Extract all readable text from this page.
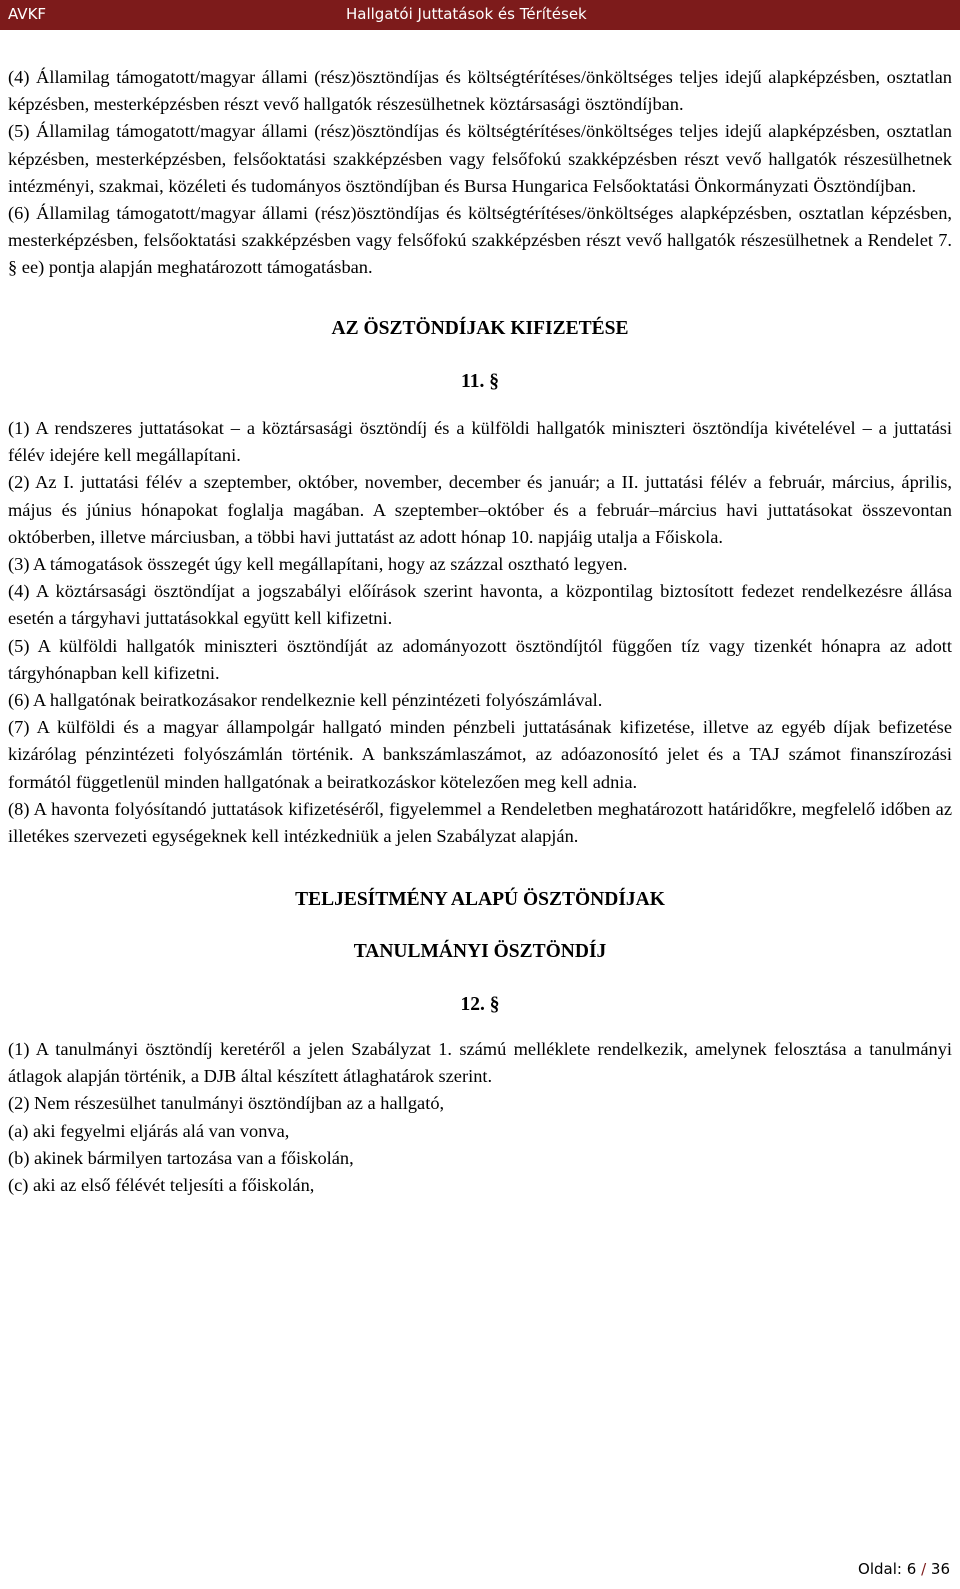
AVKF	Hallgatói Juttatások és Térítések

(4) Államilag támogatott/magyar állami (rész)ösztöndíjas és költségtérítéses/önköltséges teljes idejű alapképzésben, osztatlan képzésben, mesterképzésben részt vevő hallgatók részesülhetnek köztársasági ösztöndíjban.

(5) Államilag támogatott/magyar állami (rész)ösztöndíjas és költségtérítéses/önköltséges teljes idejű alapképzésben, osztatlan képzésben, mesterképzésben, felsőoktatási szakképzésben vagy felsőfokú szakképzésben részt vevő hallgatók részesülhetnek intézményi, szakmai, közéleti és tudományos ösztöndíjban és Bursa Hungarica Felsőoktatási Önkormányzati Ösztöndíjban.

(6) Államilag támogatott/magyar állami (rész)ösztöndíjas és költségtérítéses/önköltséges alapképzésben, osztatlan képzésben, mesterképzésben, felsőoktatási szakképzésben vagy felsőfokú szakképzésben részt vevő hallgatók részesülhetnek a Rendelet 7. § ee) pontja alapján meghatározott támogatásban.

AZ ÖSZTÖNDÍJAK KIFIZETÉSE
11. §

(1) A rendszeres juttatásokat – a köztársasági ösztöndíj és a külföldi hallgatók miniszteri ösztöndíja kivételével – a juttatási félév idejére kell megállapítani.

(2) Az I. juttatási félév a szeptember, október, november, december és január; a II. juttatási félév a február, március, április, május és június hónapokat foglalja magában. A szeptember–október és a február–március havi juttatásokat összevontan októberben, illetve márciusban, a többi havi juttatást az adott hónap 10. napjáig utalja a Főiskola.

(3) A támogatások összegét úgy kell megállapítani, hogy az százzal osztható legyen.

(4) A köztársasági ösztöndíjat a jogszabályi előírások szerint havonta, a központilag biztosított fedezet rendelkezésre állása esetén a tárgyhavi juttatásokkal együtt kell kifizetni.

(5) A külföldi hallgatók miniszteri ösztöndíját az adományozott ösztöndíjtól függően tíz vagy tizenkét hónapra az adott tárgyhónapban kell kifizetni.

(6) A hallgatónak beiratkozásakor rendelkeznie kell pénzintézeti folyószámlával.

(7) A külföldi és a magyar állampolgár hallgató minden pénzbeli juttatásának kifizetése, illetve az egyéb díjak befizetése kizárólag pénzintézeti folyószámlán történik. A bankszámlaszámot, az adóazonosító jelet és a TAJ számot finanszírozási formától függetlenül minden hallgatónak a beiratkozáskor kötelezően meg kell adnia.

(8) A havonta folyósítandó juttatások kifizetéséről, figyelemmel a Rendeletben meghatározott határidőkre, megfelelő időben az illetékes szervezeti egységeknek kell intézkedniük a jelen Szabályzat alapján.

TELJESÍTMÉNY ALAPÚ ÖSZTÖNDÍJAK
TANULMÁNYI ÖSZTÖNDÍJ
12. §

(1) A tanulmányi ösztöndíj keretéről a jelen Szabályzat 1. számú melléklete rendelkezik, amelynek felosztása a tanulmányi átlagok alapján történik, a DJB által készített átlaghatárok szerint.

(2) Nem részesülhet tanulmányi ösztöndíjban az a hallgató,

(a) aki fegyelmi eljárás alá van vonva,

(b) akinek bármilyen tartozása van a főiskolán,

(c) aki az első félévét teljesíti a főiskolán,

Oldal: 6 / 36
